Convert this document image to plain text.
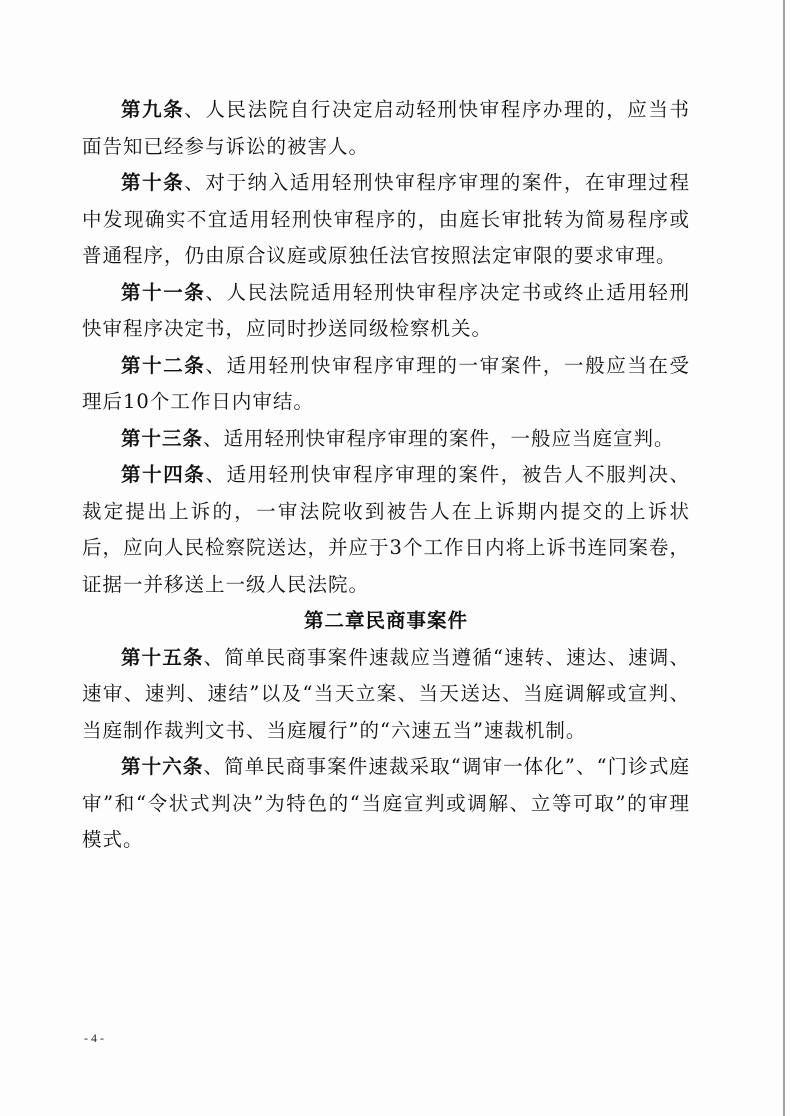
第九条、人民法院自行决定启动轻刑快审程序办理的，应当书面告知已经参与诉讼的被害人。

第十条、对于纳入适用轻刑快审程序审理的案件，在审理过程中发现确实不宜适用轻刑快审程序的，由庭长审批转为简易程序或普通程序，仍由原合议庭或原独任法官按照法定审限的要求审理。

第十一条、人民法院适用轻刑快审程序决定书或终止适用轻刑快审程序决定书，应同时抄送同级检察机关。

第十二条、适用轻刑快审程序审理的一审案件，一般应当在受理后10个工作日内审结。

第十三条、适用轻刑快审程序审理的案件，一般应当庭宣判。

第十四条、适用轻刑快审程序审理的案件，被告人不服判决、裁定提出上诉的，一审法院收到被告人在上诉期内提交的上诉状后，应向人民检察院送达，并应于3个工作日内将上诉书连同案卷，证据一并移送上一级人民法院。

第二章民商事案件

第十五条、简单民商事案件速裁应当遵循“速转、速达、速调、速审、速判、速结”以及“当天立案、当天送达、当庭调解或宣判、当庭制作裁判文书、当庭履行”的“六速五当”速裁机制。

第十六条、简单民商事案件速裁采取“调审一体化”、“门诊式庭审”和“令状式判决”为特色的“当庭宣判或调解、立等可取”的审理模式。

- 4 -
